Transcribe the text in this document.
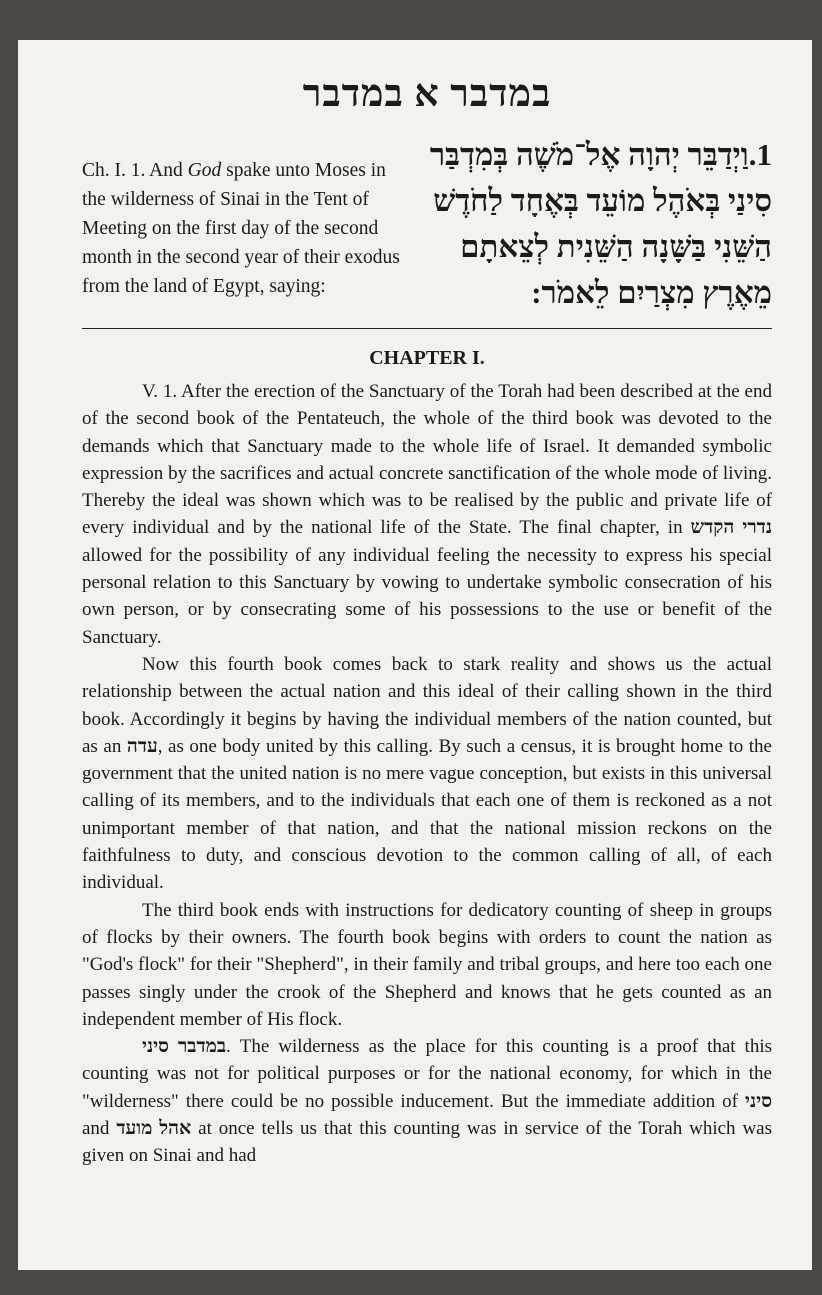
במדבר א במדבר
Ch. I. 1. And God spake unto Moses in the wilderness of Sinai in the Tent of Meeting on the first day of the second month in the second year of their exodus from the land of Egypt, saying:
1.וַיְדַבֵּר יְהוָה אֶל־מֹשֶׁה בְּמִדְבַּר
סִינַי בְּאֹהֶל מוֹעֵד בְּאֶחָד לַחֹדֶשׁ
הַשֵּׁנִי בַּשָּׁנָה הַשֵּׁנִית לְצֵאתָם
מֵאֶרֶץ מִצְרַיִם לֵאמֹר:
CHAPTER I.

V. 1. After the erection of the Sanctuary of the Torah had been described at the end of the second book of the Pentateuch, the whole of the third book was devoted to the demands which that Sanctuary made to the whole life of Israel. It demanded symbolic expression by the sacrifices and actual concrete sanctification of the whole mode of living. Thereby the ideal was shown which was to be realised by the public and private life of every individual and by the national life of the State. The final chapter, in נדרי הקדש allowed for the possibility of any individual feeling the necessity to express his special personal relation to this Sanctuary by vowing to undertake symbolic consecration of his own person, or by consecrating some of his possessions to the use or benefit of the Sanctuary.

Now this fourth book comes back to stark reality and shows us the actual relationship between the actual nation and this ideal of their calling shown in the third book. Accordingly it begins by having the individual members of the nation counted, but as an עדה, as one body united by this calling. By such a census, it is brought home to the government that the united nation is no mere vague conception, but exists in this universal calling of its members, and to the individuals that each one of them is reckoned as a not unimportant member of that nation, and that the national mission reckons on the faithfulness to duty, and conscious devotion to the common calling of all, of each individual.

The third book ends with instructions for dedicatory counting of sheep in groups of flocks by their owners. The fourth book begins with orders to count the nation as "God's flock" for their "Shepherd", in their family and tribal groups, and here too each one passes singly under the crook of the Shepherd and knows that he gets counted as an independent member of His flock.

במדבר סיני. The wilderness as the place for this counting is a proof that this counting was not for political purposes or for the national economy, for which in the "wilderness" there could be no possible inducement. But the immediate addition of סיני and אהל מועד at once tells us that this counting was in service of the Torah which was given on Sinai and had
